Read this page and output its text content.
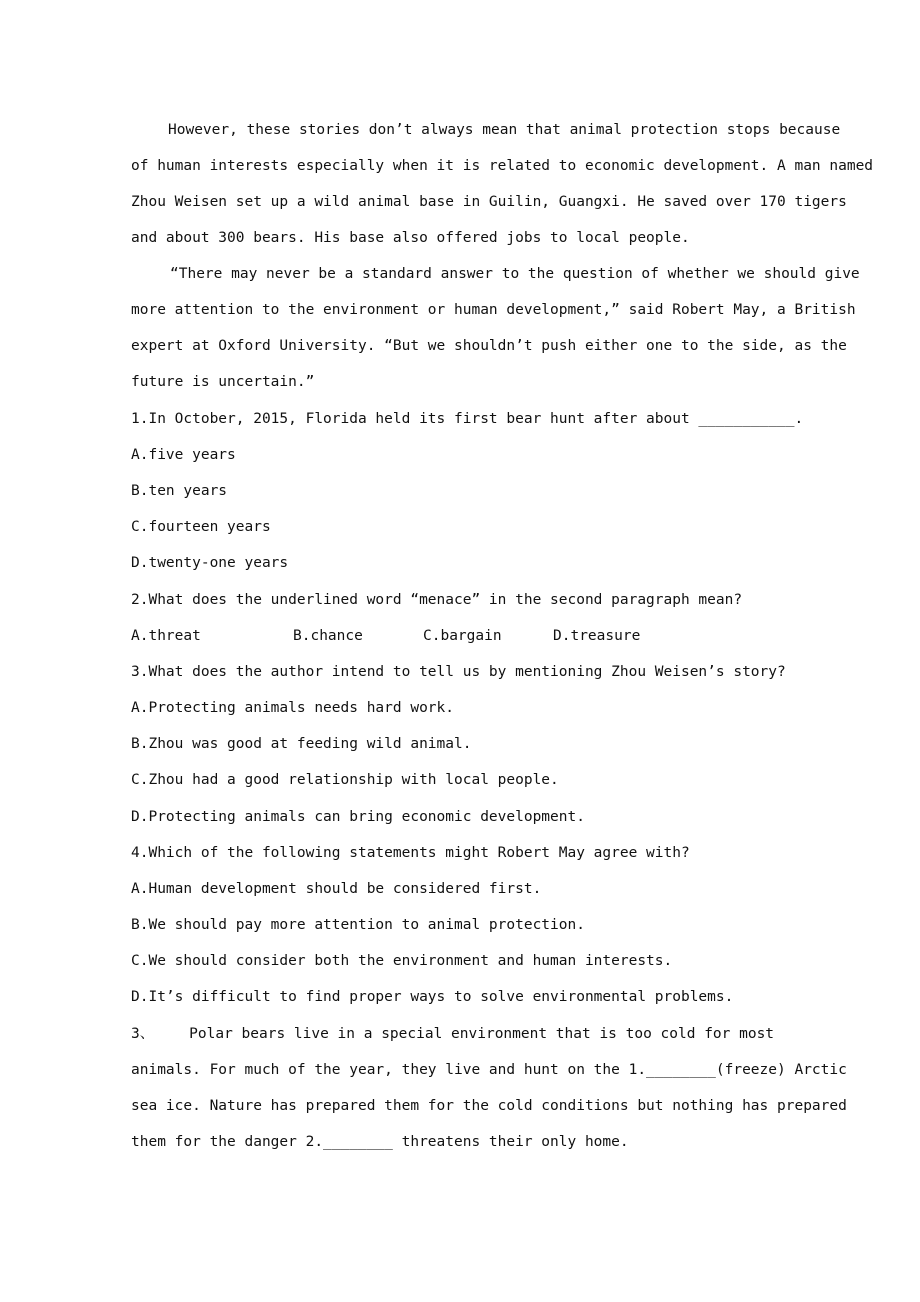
However, these stories don’t always mean that animal protection stops because
of human interests especially when it is related to economic development. A man named
Zhou Weisen set up a wild animal base in Guilin, Guangxi. He saved over 170 tigers
and about 300 bears. His base also offered jobs to local people.
“There may never be a standard answer to the question of whether we should give
more attention to the environment or human development,” said Robert May, a British
expert at Oxford University. “But we shouldn’t push either one to the side, as the
future is uncertain.”
1.In October, 2015, Florida held its first bear hunt after about ___________.
A.five years
B.ten years
C.fourteen years
D.twenty-one years
2.What does the underlined word “menace” in the second paragraph mean?

A.threat

	B.chance

	C.bargain

	D.treasure

3.What does the author intend to tell us by mentioning Zhou Weisen’s story?
A.Protecting animals needs hard work.
B.Zhou was good at feeding wild animal.
C.Zhou had a good relationship with local people.
D.Protecting animals can bring economic development.
4.Which of the following statements might Robert May agree with?
A.Human development should be considered first.
B.We should pay more attention to animal protection.
C.We should consider both the environment and human interests.
D.It’s difficult to find proper ways to solve environmental problems.
3、    Polar bears live in a special environment that is too cold for most
animals. For much of the year, they live and hunt on the 1.________(freeze) Arctic
sea ice. Nature has prepared them for the cold conditions but nothing has prepared
them for the danger 2.________ threatens their only home.
